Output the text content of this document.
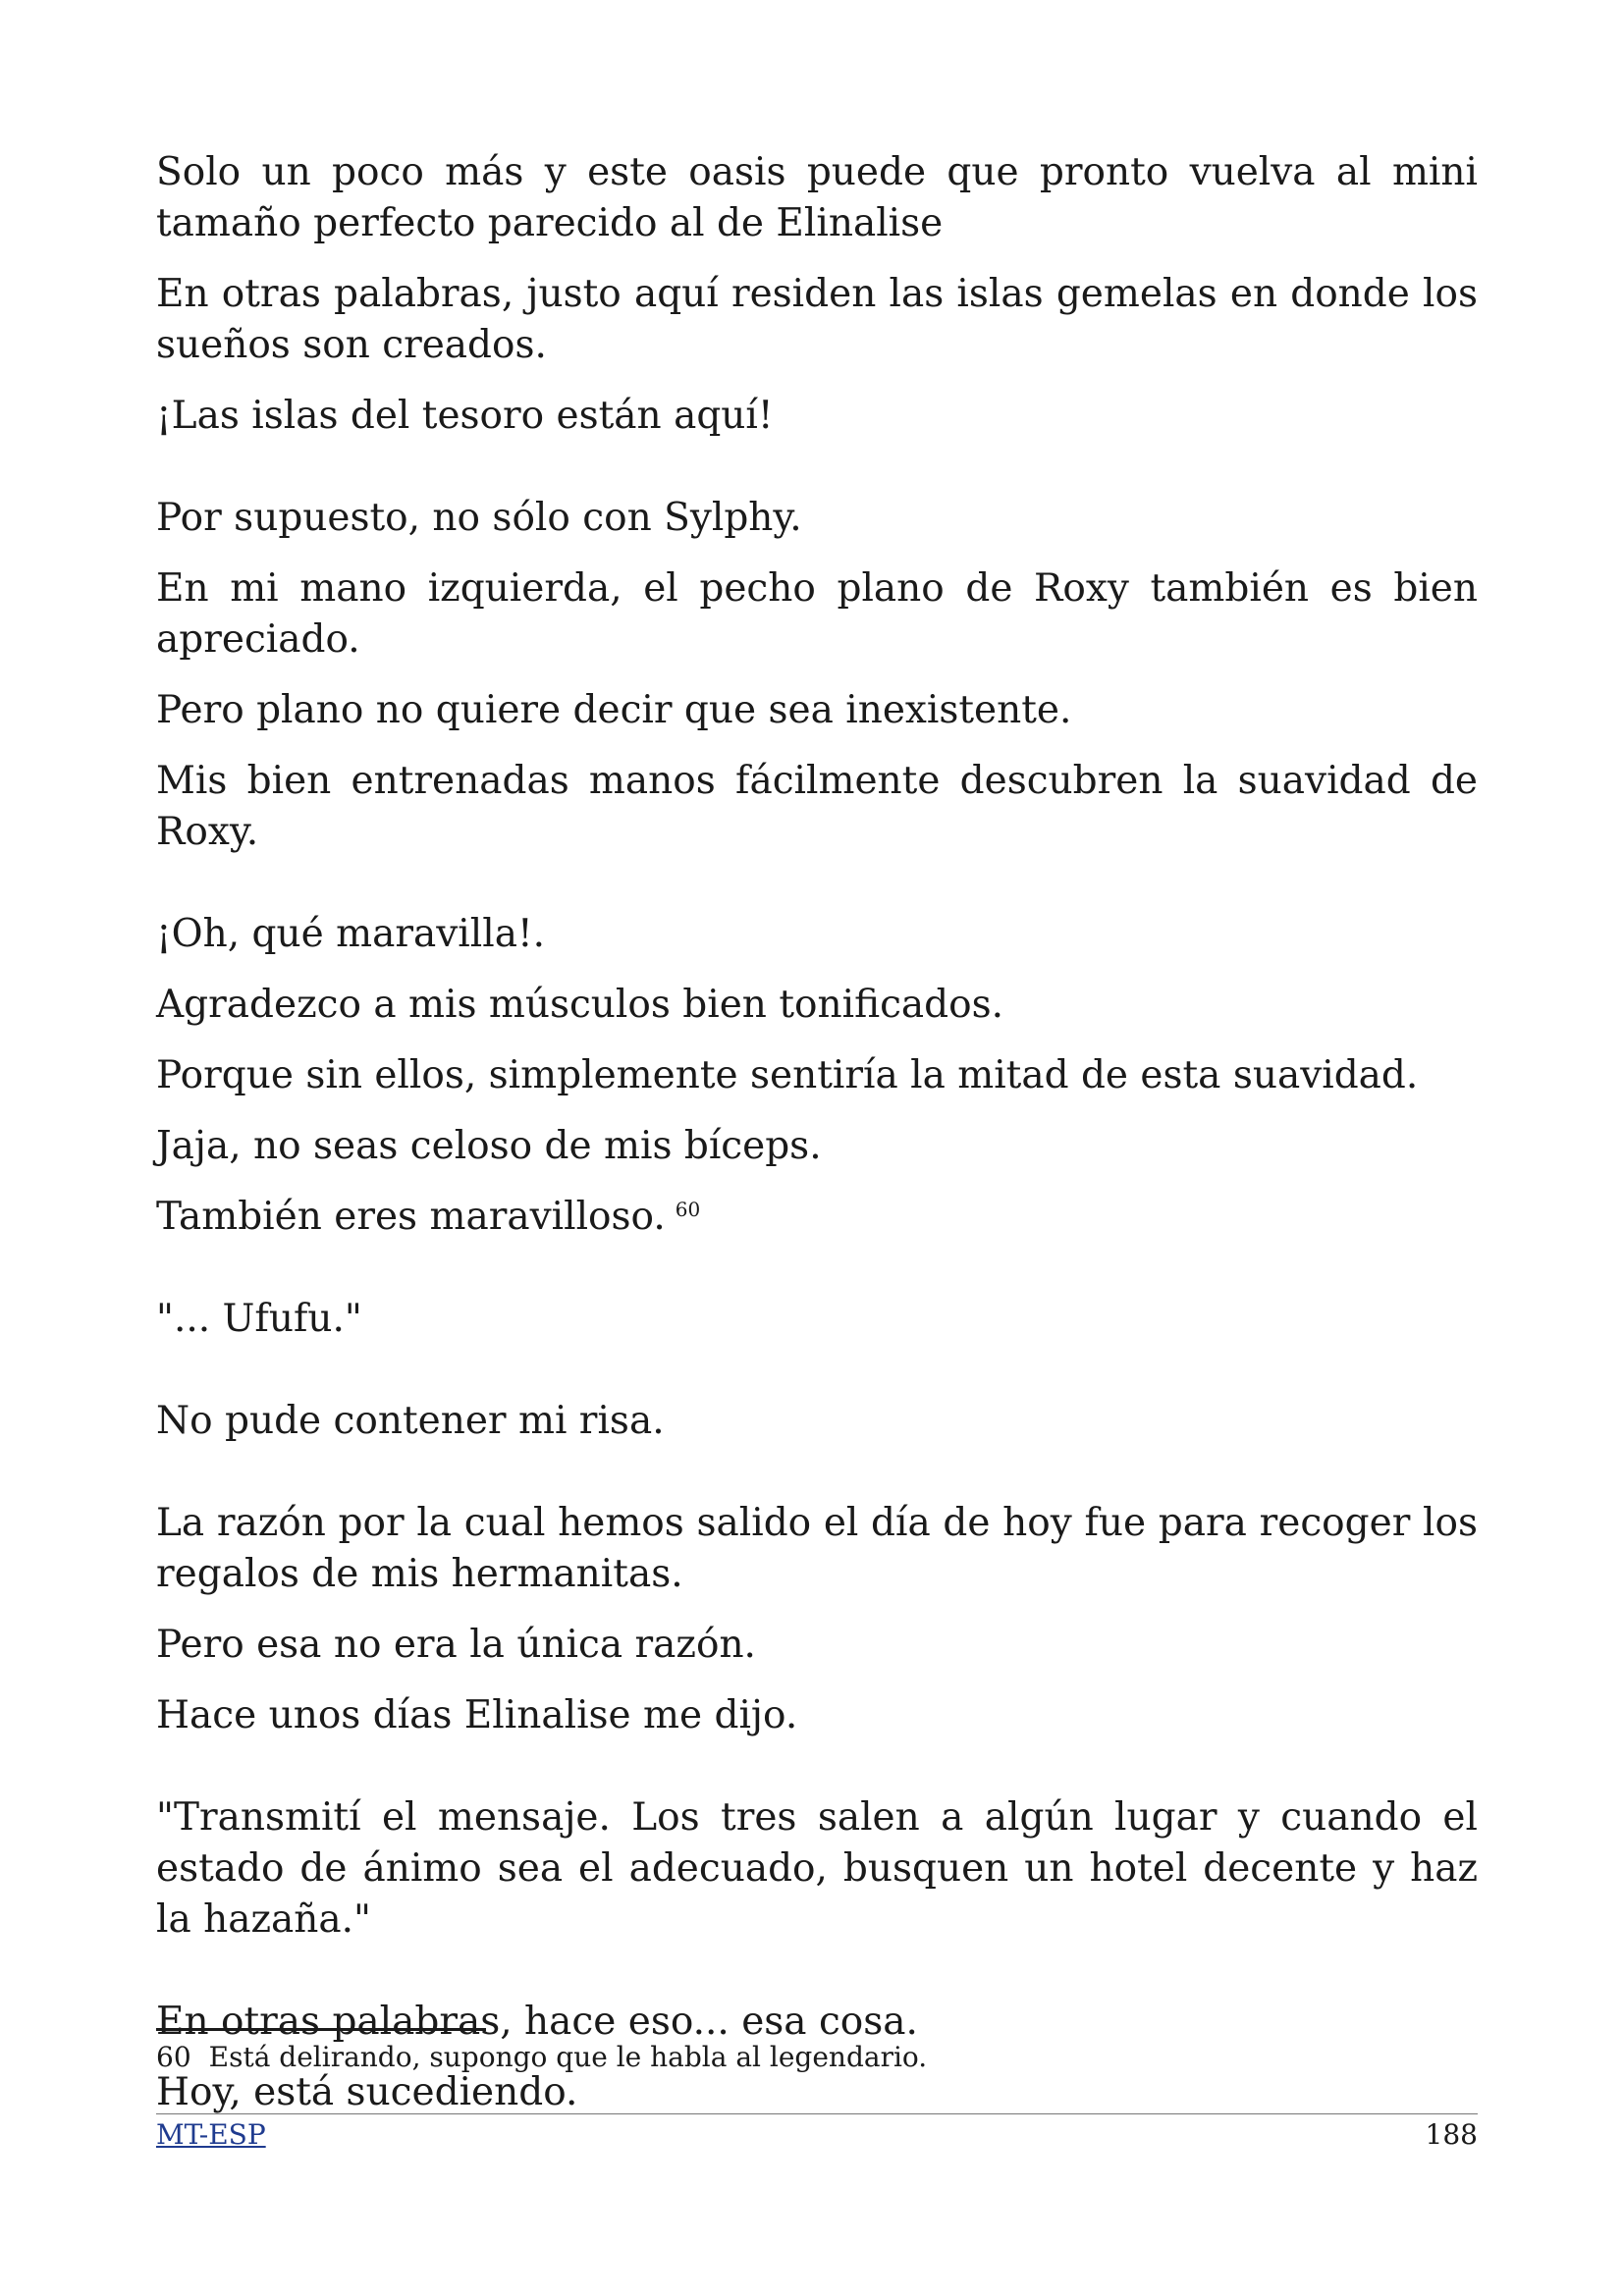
Solo un poco más y este oasis puede que pronto vuelva al mini tamaño perfecto parecido al de Elinalise

En otras palabras, justo aquí residen las islas gemelas en donde los sueños son creados.

¡Las islas del tesoro están aquí!

Por supuesto, no sólo con Sylphy.

En mi mano izquierda, el pecho plano de Roxy también es bien apreciado.

Pero plano no quiere decir que sea inexistente.

Mis bien entrenadas manos fácilmente descubren la suavidad de Roxy.

¡Oh, qué maravilla!.

Agradezco a mis músculos bien tonificados.

Porque sin ellos, simplemente sentiría la mitad de esta suavidad.

Jaja, no seas celoso de mis bíceps.

También eres maravilloso. $^{60}$

"... Ufufu."

No pude contener mi risa.

La razón por la cual hemos salido el día de hoy fue para recoger los regalos de mis hermanitas.

Pero esa no era la única razón.

Hace unos días Elinalise me dijo.

"Transmití el mensaje. Los tres salen a algún lugar y cuando el estado de ánimo sea el adecuado, busquen un hotel decente y haz la hazaña."

En otras palabras, hace eso... esa cosa.

Hoy, está sucediendo.

60 Está delirando, supongo que le habla al legendario.
MT-ESP	188
